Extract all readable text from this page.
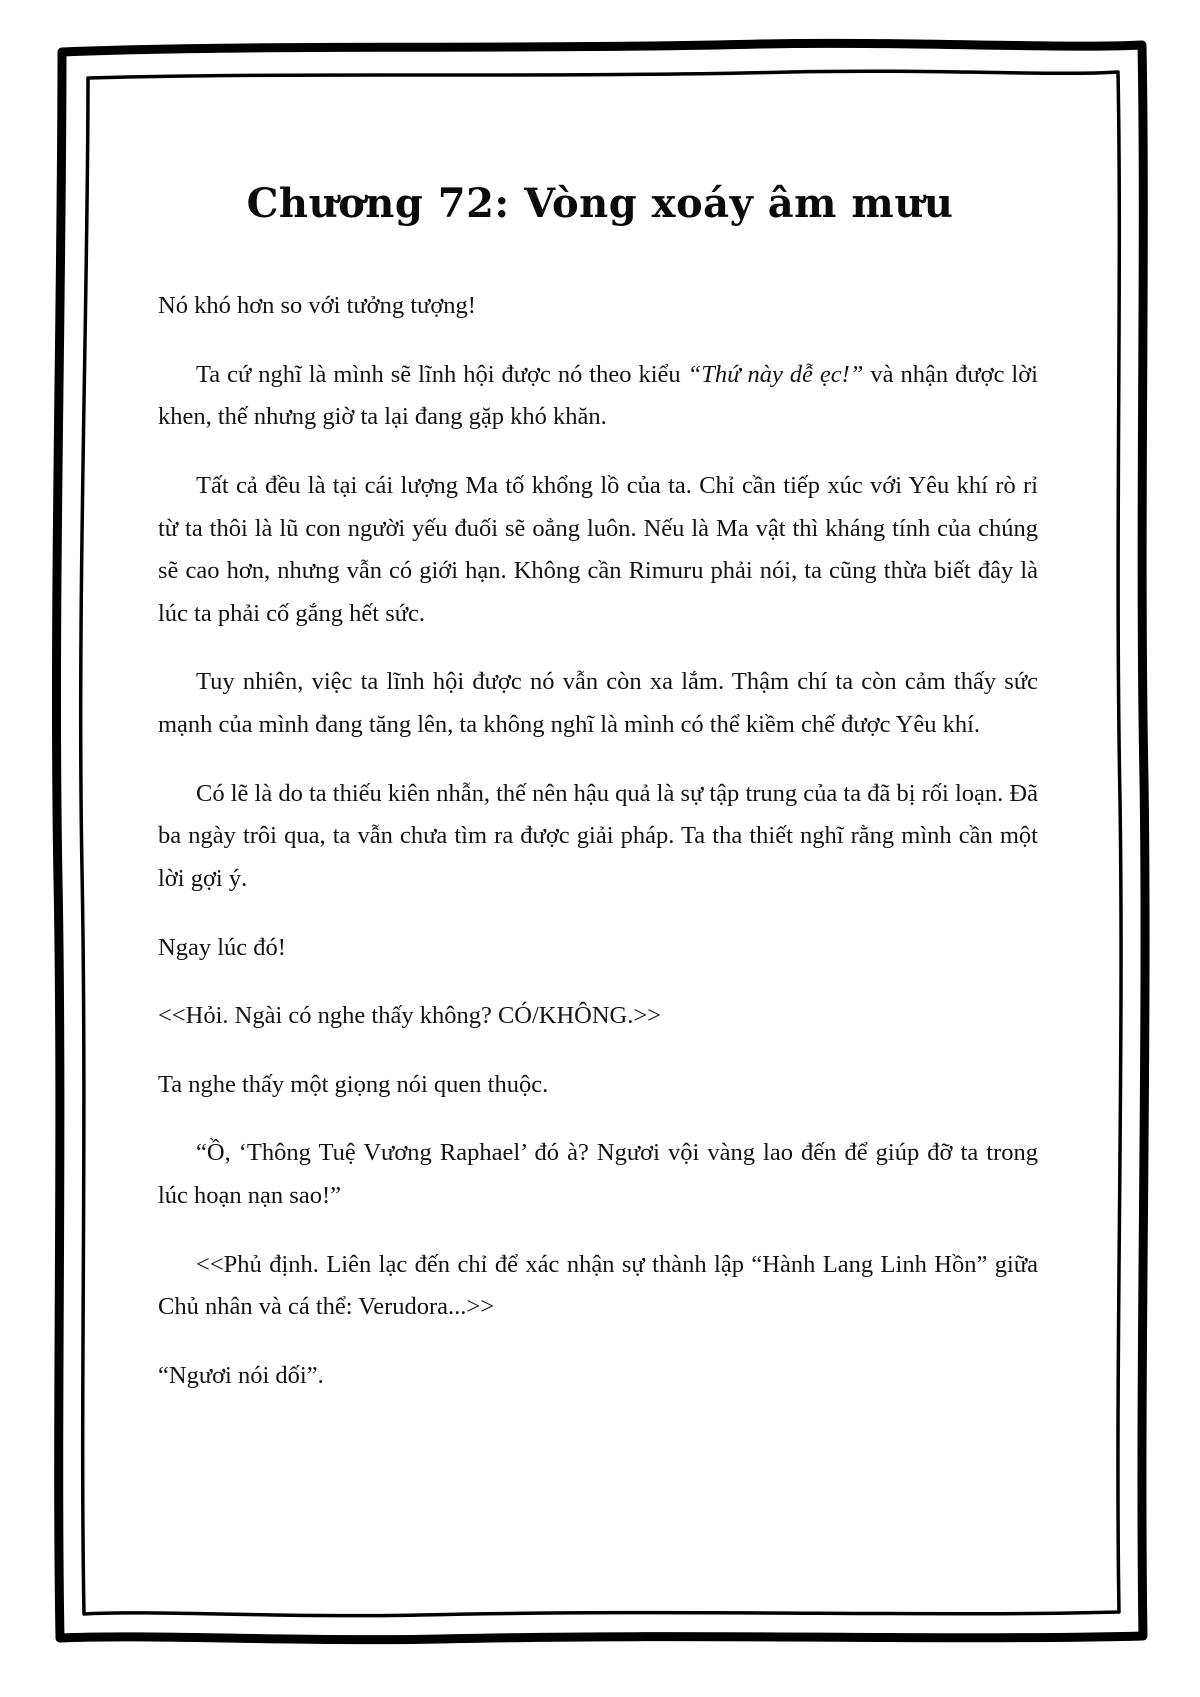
Chương 72: Vòng xoáy âm mưu

Nó khó hơn so với tưởng tượng!

Ta cứ nghĩ là mình sẽ lĩnh hội được nó theo kiểu “Thứ này dễ ẹc!” và nhận được lời khen, thế nhưng giờ ta lại đang gặp khó khăn.

Tất cả đều là tại cái lượng Ma tố khổng lồ của ta. Chỉ cần tiếp xúc với Yêu khí rò rỉ từ ta thôi là lũ con người yếu đuối sẽ oẳng luôn. Nếu là Ma vật thì kháng tính của chúng sẽ cao hơn, nhưng vẫn có giới hạn. Không cần Rimuru phải nói, ta cũng thừa biết đây là lúc ta phải cố gắng hết sức.

Tuy nhiên, việc ta lĩnh hội được nó vẫn còn xa lắm. Thậm chí ta còn cảm thấy sức mạnh của mình đang tăng lên, ta không nghĩ là mình có thể kiềm chế được Yêu khí.

Có lẽ là do ta thiếu kiên nhẫn, thế nên hậu quả là sự tập trung của ta đã bị rối loạn. Đã ba ngày trôi qua, ta vẫn chưa tìm ra được giải pháp. Ta tha thiết nghĩ rằng mình cần một lời gợi ý.

Ngay lúc đó!

<<Hỏi. Ngài có nghe thấy không? CÓ/KHÔNG.>>

Ta nghe thấy một giọng nói quen thuộc.

“Ồ, ‘Thông Tuệ Vương Raphael’ đó à? Ngươi vội vàng lao đến để giúp đỡ ta trong lúc hoạn nạn sao!”

<<Phủ định. Liên lạc đến chỉ để xác nhận sự thành lập “Hành Lang Linh Hồn” giữa Chủ nhân và cá thể: Verudora...>>

“Ngươi nói dối”.
